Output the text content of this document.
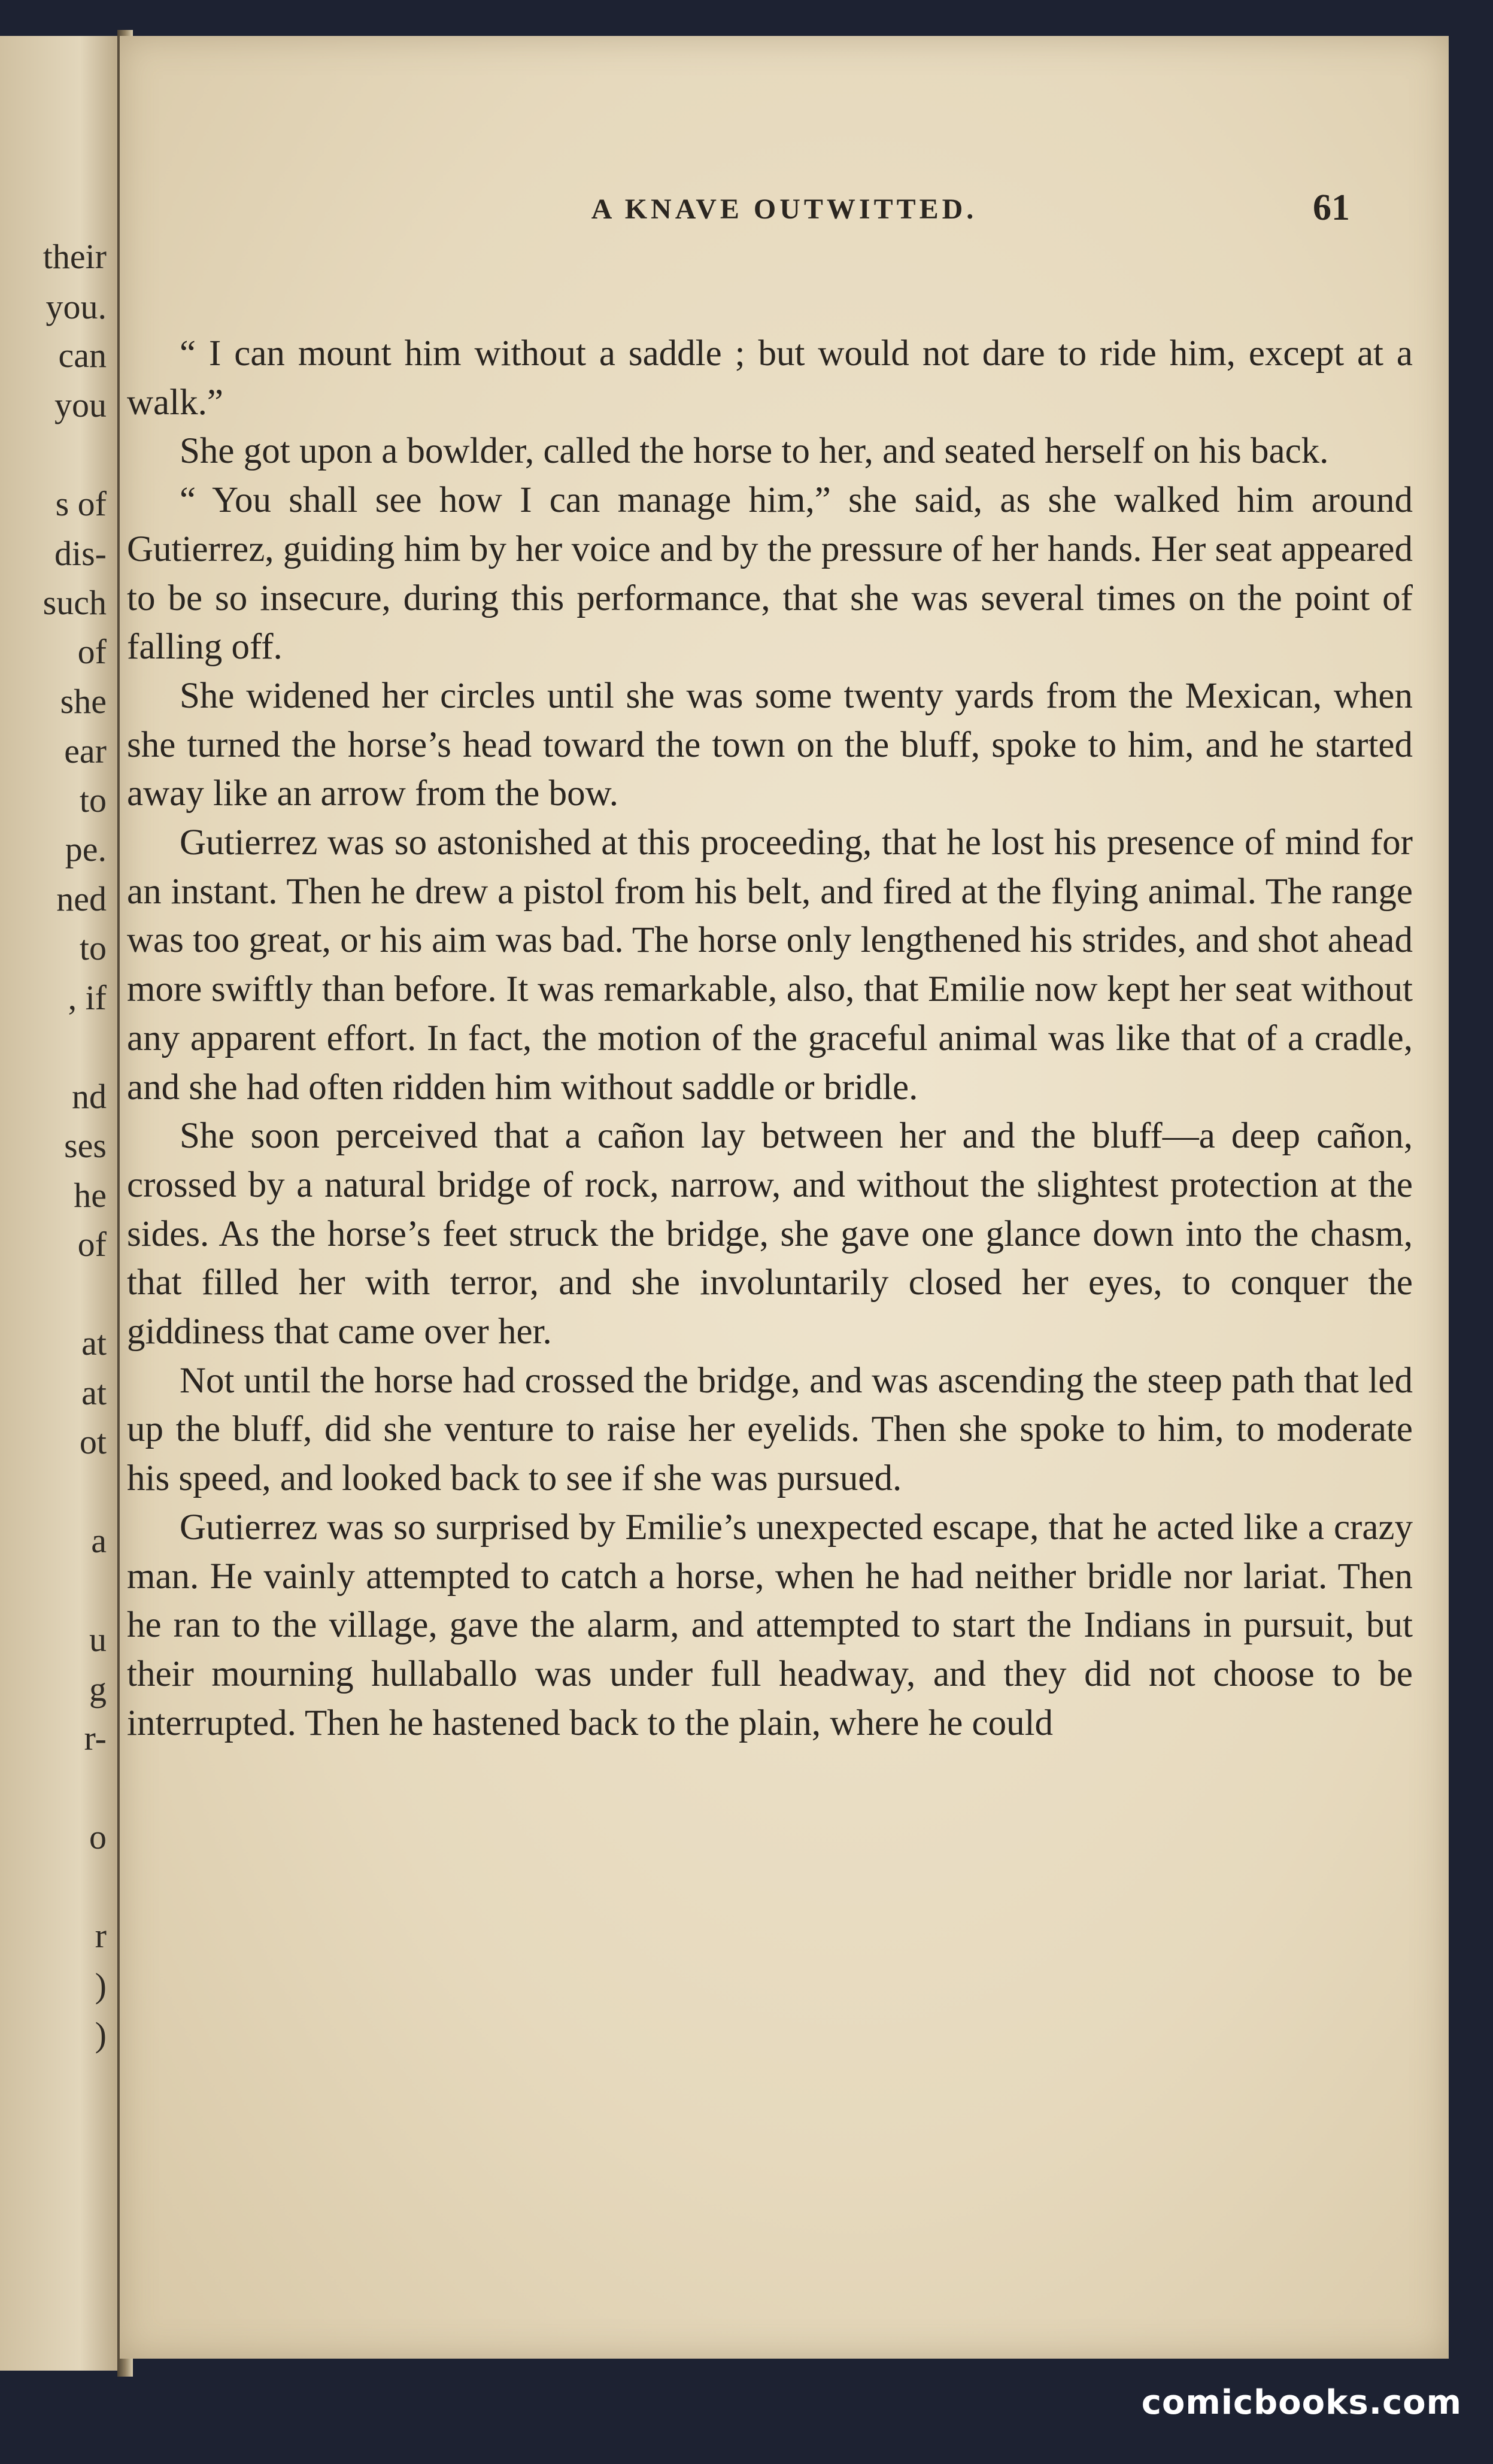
their
you.
can
you
s of
dis-
such
of
she
ear
to
pe.
ned
to
, if
nd
ses
he
of
at
at
ot
a
u
g
r-
o
r
)
)
A KNAVE OUTWITTED.	61

“ I can mount him without a saddle ; but would not dare to ride him, except at a walk.”

She got upon a bowlder, called the horse to her, and seated herself on his back.

“ You shall see how I can manage him,” she said, as she walked him around Gutierrez, guiding him by her voice and by the pressure of her hands. Her seat appeared to be so insecure, during this performance, that she was several times on the point of falling off.

She widened her circles until she was some twenty yards from the Mexican, when she turned the horse’s head toward the town on the bluff, spoke to him, and he started away like an arrow from the bow.

Gutierrez was so astonished at this proceeding, that he lost his presence of mind for an instant. Then he drew a pistol from his belt, and fired at the flying animal. The range was too great, or his aim was bad. The horse only lengthened his strides, and shot ahead more swiftly than before. It was remarkable, also, that Emilie now kept her seat without any apparent effort. In fact, the motion of the graceful animal was like that of a cradle, and she had often ridden him without saddle or bridle.

She soon perceived that a cañon lay between her and the bluff—a deep cañon, crossed by a natural bridge of rock, narrow, and without the slightest protection at the sides. As the horse’s feet struck the bridge, she gave one glance down into the chasm, that filled her with terror, and she involuntarily closed her eyes, to conquer the giddiness that came over her.

Not until the horse had crossed the bridge, and was ascending the steep path that led up the bluff, did she venture to raise her eyelids. Then she spoke to him, to moderate his speed, and looked back to see if she was pursued.

Gutierrez was so surprised by Emilie’s unexpected escape, that he acted like a crazy man. He vainly attempted to catch a horse, when he had neither bridle nor lariat. Then he ran to the village, gave the alarm, and attempted to start the Indians in pursuit, but their mourning hullaballo was under full headway, and they did not choose to be interrupted. Then he hastened back to the plain, where he could

comicbooks.com
